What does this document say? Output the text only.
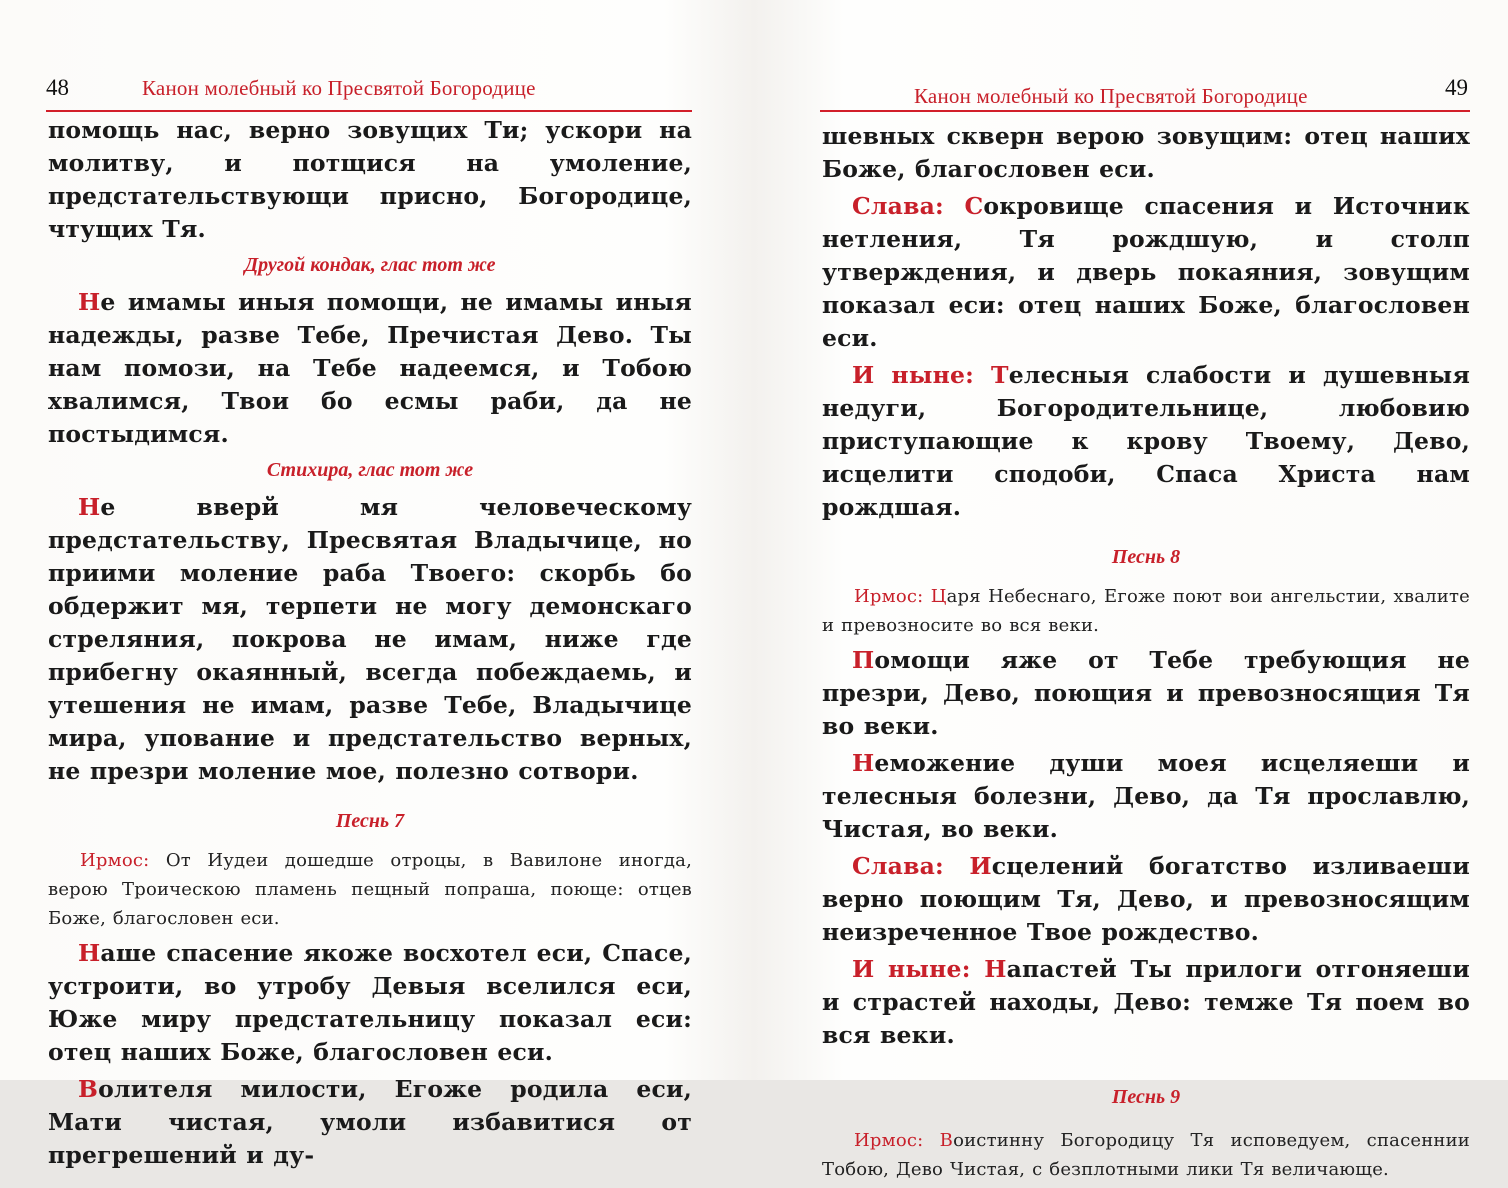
48	Канон молебный ко Пресвятой Богородице

помощь нас, верно зовущих Ти; ускори на молитву, и потщися на умоление, предстательствующи присно, Богородице, чтущих Тя.

Другой кондак, глас тот же

Не имамы иныя помощи, не имамы иныя надежды, разве Тебе, Пречистая Дево. Ты нам помози, на Тебе надеемся, и Тобою хвалимся, Твои бо есмы раби, да не постыдимся.

Стихира, глас тот же

Не вверй мя человеческому предстательству, Пресвятая Владычице, но приими моление раба Твоего: скорбь бо обдержит мя, терпети не могу демонскаго стреляния, покрова не имам, ниже где прибегну окаянный, всегда побеждаемь, и утешения не имам, разве Тебе, Владычице мира, упование и предстательство верных, не презри моление мое, полезно сотвори.

Песнь 7

Ирмос: От Иудеи дошедше отроцы, в Вавилоне иногда, верою Троическою пламень пещный попраша, поюще: отцев Боже, благословен еси.

Наше спасение якоже восхотел еси, Спасе, устроити, во утробу Девыя вселился еси, Юже миру предстательницу показал еси: отец наших Боже, благословен еси.

Волителя милости, Егоже родила еси, Мати чистая, умоли избавитися от прегрешений и ду-

Канон молебный ко Пресвятой Богородице	49

шевных скверн верою зовущим: отец наших Боже, благословен еси.

Слава: Сокровище спасения и Источник нетления, Тя рождшую, и столп утверждения, и дверь покаяния, зовущим показал еси: отец наших Боже, благословен еси.

И ныне: Телесныя слабости и душевныя недуги, Богородительнице, любовию приступающие к крову Твоему, Дево, исцелити сподоби, Спаса Христа нам рождшая.

Песнь 8

Ирмос: Царя Небеснаго, Егоже поют вои ангельстии, хвалите и превозносите во вся веки.

Помощи яже от Тебе требующия не презри, Дево, поющия и превозносящия Тя во веки.

Неможение души моея исцеляеши и телесныя болезни, Дево, да Тя прославлю, Чистая, во веки.

Слава: Исцелений богатство изливаеши верно поющим Тя, Дево, и превозносящим неизреченное Твое рождество.

И ныне: Напастей Ты прилоги отгоняеши и страстей находы, Дево: темже Тя поем во вся веки.

Песнь 9

Ирмос: Воистинну Богородицу Тя исповедуем, спасеннии Тобою, Дево Чистая, с безплотными лики Тя величающе.
